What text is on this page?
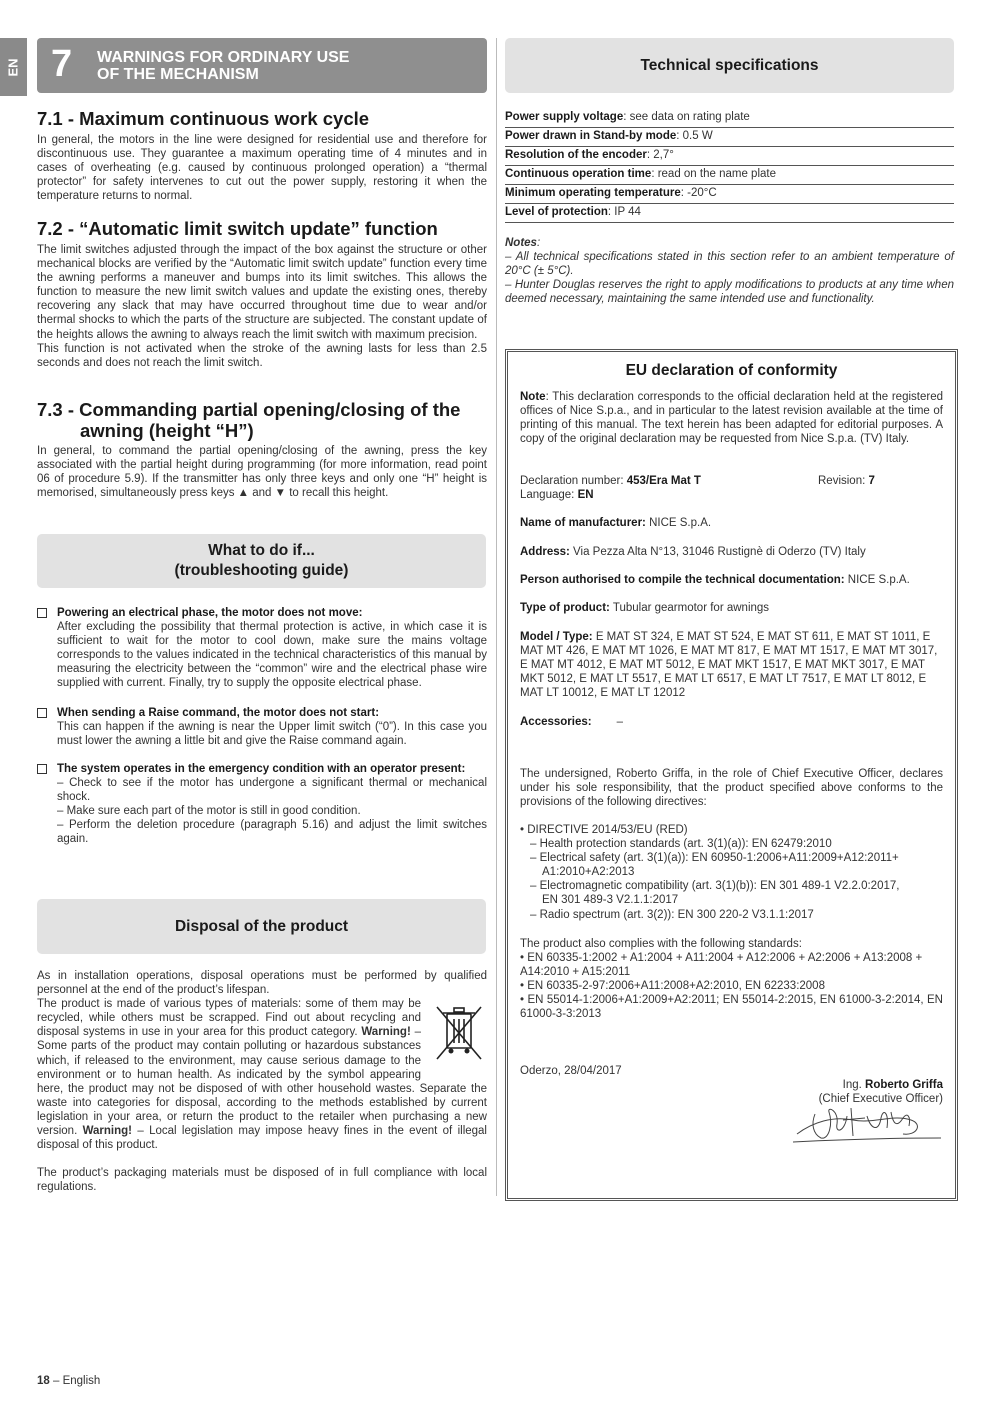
EN 7 WARNINGS FOR ORDINARY USE
OF THE MECHANISM
7.1 - Maximum continuous work cycle

In general, the motors in the line were designed for residential use and therefore for discontinuous use. They guarantee a maximum operating time of 4 minutes and in cases of overheating (e.g. caused by continuous prolonged operation) a “thermal protector” for safety intervenes to cut out the power supply, restoring it when the temperature returns to normal.

7.2 - “Automatic limit switch update” function

The limit switches adjusted through the impact of the box against the structure or other mechanical blocks are verified by the “Automatic limit switch update” function every time the awning performs a maneuver and bumps into its limit switches. This allows the function to measure the new limit switch values and update the existing ones, thereby recovering any slack that may have occurred throughout time due to wear and/or thermal shocks to which the parts of the structure are subjected. The constant update of the heights allows the awning to always reach the limit switch with maximum precision.

This function is not activated when the stroke of the awning lasts for less than 2.5 seconds and does not reach the limit switch.

7.3 - Commanding partial opening/closing of the
awning (height “H”)

In general, to command the partial opening/closing of the awning, press the key associated with the partial height during programming (for more information, read point 06 of procedure 5.9). If the transmitter has only three keys and only one “H” height is memorised, simultaneously press keys ▲ and ▼ to recall this height.

What to do if...
(troubleshooting guide)
Powering an electrical phase, the motor does not move:
After excluding the possibility that thermal protection is active, in which case it is sufficient to wait for the motor to cool down, make sure the mains voltage corresponds to the values indicated in the technical characteristics of this manual by measuring the electricity between the “common” wire and the electrical phase wire supplied with current. Finally, try to supply the opposite electrical phase.
When sending a Raise command, the motor does not start:
This can happen if the awning is near the Upper limit switch (“0”). In this case you must lower the awning a little bit and give the Raise command again.
The system operates in the emergency condition with an operator present:
– Check to see if the motor has undergone a significant thermal or mechanical shock.
– Make sure each part of the motor is still in good condition.
– Perform the deletion procedure (paragraph 5.16) and adjust the limit switches again.
Disposal of the product

As in installation operations, disposal operations must be performed by qualified personnel at the end of the product’s lifespan.

The product is made of various types of materials: some of them may be recycled, while others must be scrapped. Find out about recycling and disposal systems in use in your area for this product category. Warning! – Some parts of the product may contain polluting or hazardous substances which, if released to the environment, may cause serious damage to the environment or to human health. As indicated by the symbol appearing here, the product may not be disposed of with other household wastes. Separate the waste into categories for disposal, according to the methods established by current legislation in your area, or return the product to the retailer when purchasing a new version. Warning! – Local legislation may impose heavy fines in the event of illegal disposal of this product.

The product’s packaging materials must be disposed of in full compliance with local regulations.

Technical specifications
Power supply voltage: see data on rating plate
Power drawn in Stand-by mode: 0.5 W
Resolution of the encoder: 2,7°
Continuous operation time: read on the name plate
Minimum operating temperature: -20°C
Level of protection: IP 44
Notes:

– All technical specifications stated in this section refer to an ambient temperature of 20°C (± 5°C).

– Hunter Douglas reserves the right to apply modifications to products at any time when deemed necessary, maintaining the same intended use and functionality.

EU declaration of conformity

Note: This declaration corresponds to the official declaration held at the registered offices of Nice S.p.a., and in particular to the latest revision available at the time of printing of this manual. The text herein has been adapted for editorial purposes. A copy of the original declaration may be requested from Nice S.p.a. (TV) Italy.

Declaration number: 453/Era Mat T	Revision: 7
Language: EN
Name of manufacturer: NICE S.p.A.
Address: Via Pezza Alta N°13, 31046 Rustignè di Oderzo (TV) Italy
Person authorised to compile the technical documentation: NICE S.p.A.
Type of product: Tubular gearmotor for awnings
Model / Type: E MAT ST 324, E MAT ST 524, E MAT ST 611, E MAT ST 1011, E MAT MT 426, E MAT MT 1026, E MAT MT 817, E MAT MT 1517, E MAT MT 3017, E MAT MT 4012, E MAT MT 5012, E MAT MKT 1517, E MAT MKT 3017, E MAT MKT 5012, E MAT LT 5517, E MAT LT 6517, E MAT LT 7517, E MAT LT 8012, E MAT LT 10012, E MAT LT 12012
Accessories: –

The undersigned, Roberto Griffa, in the role of Chief Executive Officer, declares under his sole responsibility, that the product specified above conforms to the provisions of the following directives:

• DIRECTIVE 2014/53/EU (RED)
– Health protection standards (art. 3(1)(a)): EN 62479:2010
– Electrical safety (art. 3(1)(a)): EN 60950-1:2006+A11:2009+A12:2011+
A1:2010+A2:2013
– Electromagnetic compatibility (art. 3(1)(b)): EN 301 489-1 V2.2.0:2017,
EN 301 489-3 V2.1.1:2017
– Radio spectrum (art. 3(2)): EN 300 220-2 V3.1.1:2017
The product also complies with the following standards:
• EN 60335-1:2002 + A1:2004 + A11:2004 + A12:2006 + A2:2006 + A13:2008 + A14:2010 + A15:2011
• EN 60335-2-97:2006+A11:2008+A2:2010, EN 62233:2008
• EN 55014-1:2006+A1:2009+A2:2011; EN 55014-2:2015, EN 61000-3-2:2014, EN 61000-3-3:2013
Oderzo, 28/04/2017
Ing. Roberto Griffa
(Chief Executive Officer)
18 – English
